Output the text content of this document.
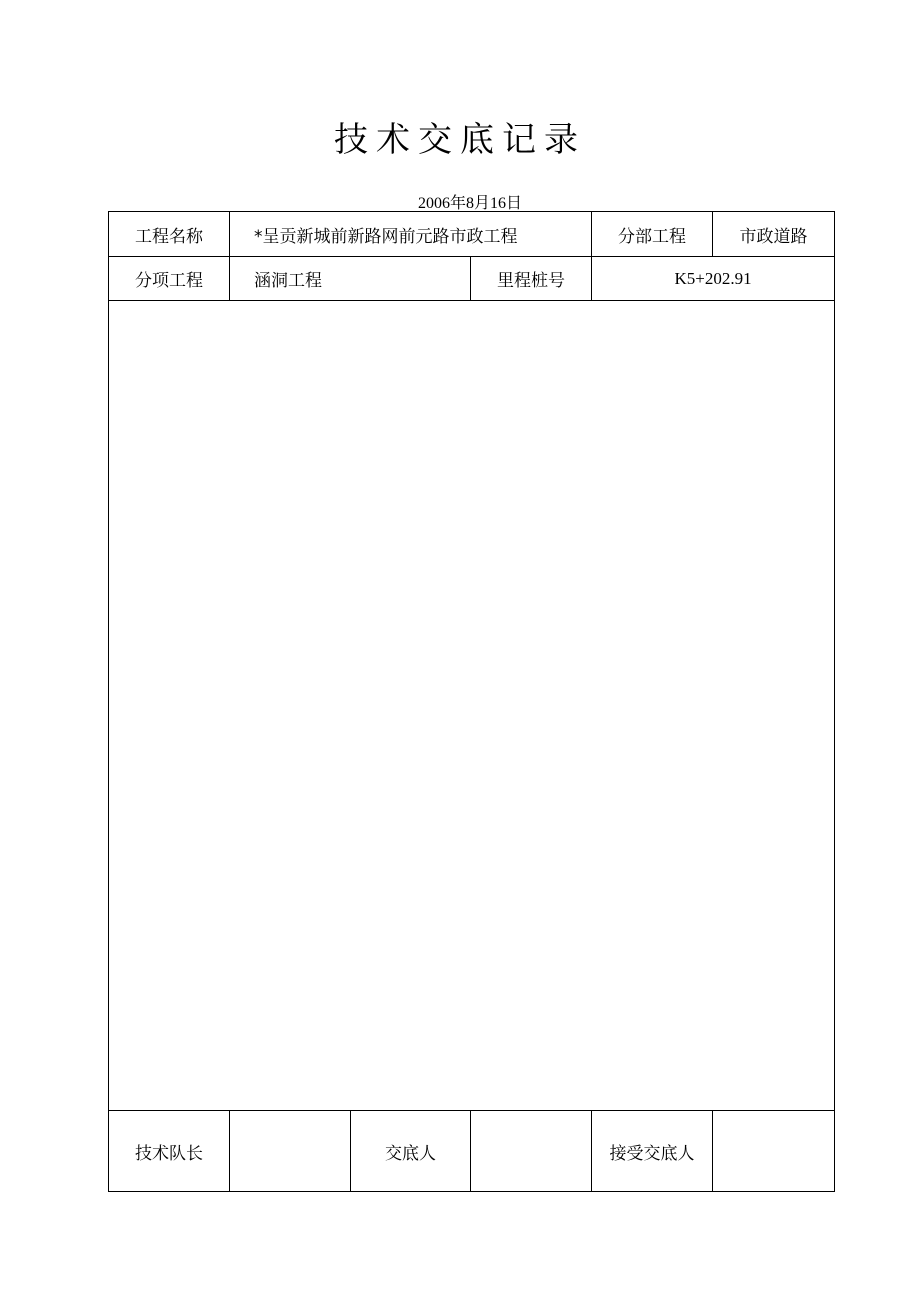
技术交底记录
2006年8月16日
工程名称	*呈贡新城前新路网前元路市政工程			分部工程	市政道路
分项工程	涵洞工程		里程桩号	K5+202.91	

技术队长		交底人		接受交底人	
